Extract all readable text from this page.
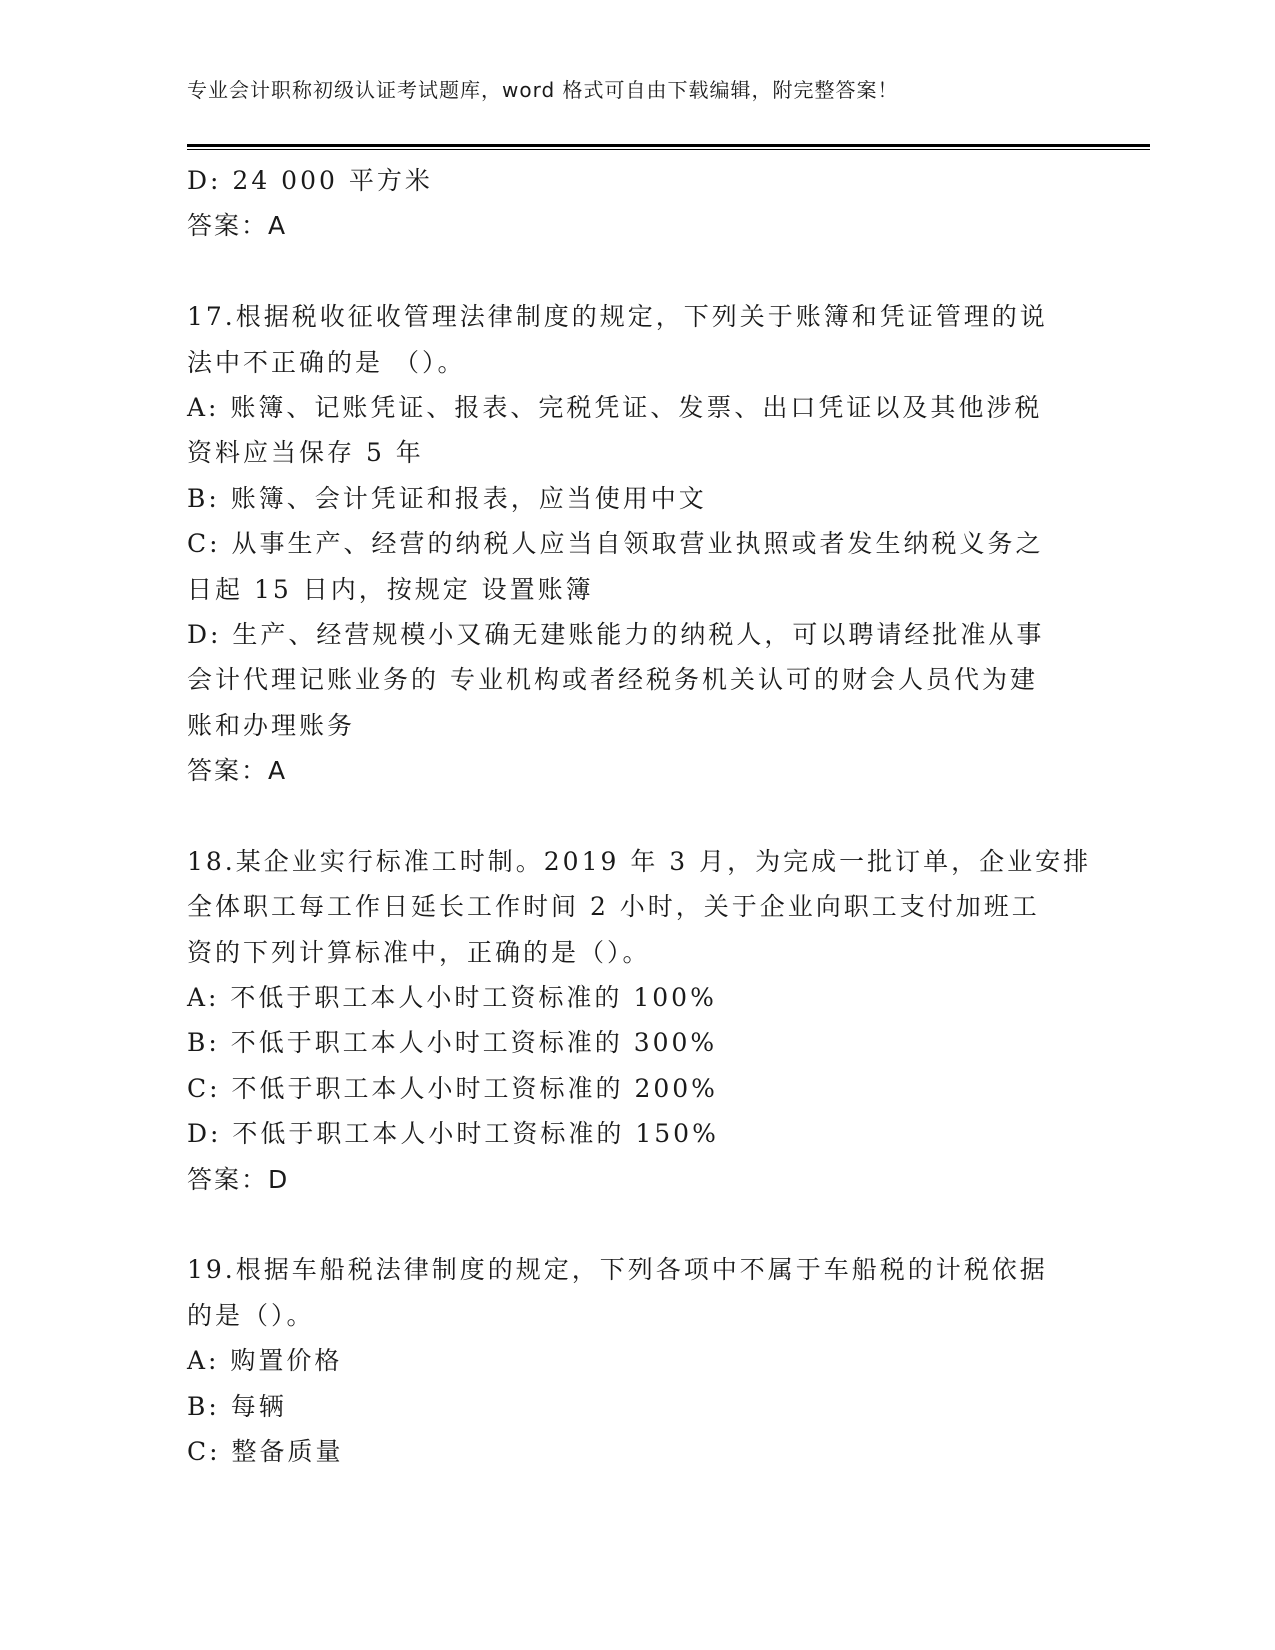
专业会计职称初级认证考试题库，word 格式可自由下载编辑，附完整答案！
D: 24 000 平方米
答案：A
17.根据税收征收管理法律制度的规定，下列关于账簿和凭证管理的说
法中不正确的是 （）。
A: 账簿、记账凭证、报表、完税凭证、发票、出口凭证以及其他涉税
资料应当保存 5 年
B: 账簿、会计凭证和报表，应当使用中文
C: 从事生产、经营的纳税人应当自领取营业执照或者发生纳税义务之
日起 15 日内，按规定 设置账簿
D: 生产、经营规模小又确无建账能力的纳税人，可以聘请经批准从事
会计代理记账业务的 专业机构或者经税务机关认可的财会人员代为建
账和办理账务
答案：A
18.某企业实行标准工时制。2019 年 3 月，为完成一批订单，企业安排
全体职工每工作日延长工作时间 2 小时，关于企业向职工支付加班工
资的下列计算标准中，正确的是（）。
A: 不低于职工本人小时工资标准的 100%
B: 不低于职工本人小时工资标准的 300%
C: 不低于职工本人小时工资标准的 200%
D: 不低于职工本人小时工资标准的 150%
答案：D
19.根据车船税法律制度的规定，下列各项中不属于车船税的计税依据
的是（）。
A: 购置价格
B: 每辆
C: 整备质量
